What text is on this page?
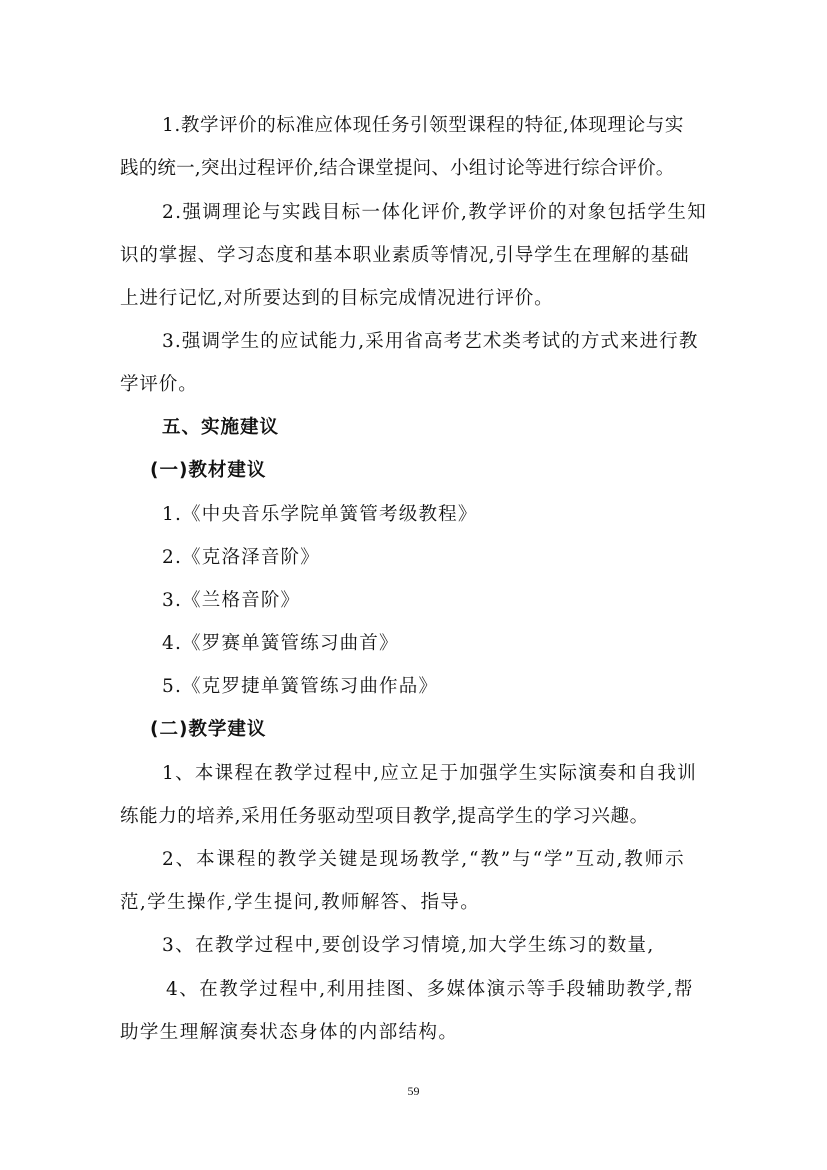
1.教学评价的标准应体现任务引领型课程的特征,体现理论与实
践的统一,突出过程评价,结合课堂提问、小组讨论等进行综合评价。
2.强调理论与实践目标一体化评价,教学评价的对象包括学生知
识的掌握、学习态度和基本职业素质等情况,引导学生在理解的基础
上进行记忆,对所要达到的目标完成情况进行评价。
3.强调学生的应试能力,采用省高考艺术类考试的方式来进行教
学评价。
五、实施建议
(一)教材建议
1.《中央音乐学院单簧管考级教程》
2.《克洛泽音阶》
3.《兰格音阶》
4.《罗赛单簧管练习曲首》
5.《克罗捷单簧管练习曲作品》
(二)教学建议
1、本课程在教学过程中,应立足于加强学生实际演奏和自我训
练能力的培养,采用任务驱动型项目教学,提高学生的学习兴趣。
2、本课程的教学关键是现场教学,“教”与“学”互动,教师示
范,学生操作,学生提问,教师解答、指导。
3、在教学过程中,要创设学习情境,加大学生练习的数量,
4、在教学过程中,利用挂图、多媒体演示等手段辅助教学,帮
助学生理解演奏状态身体的内部结构。
59
